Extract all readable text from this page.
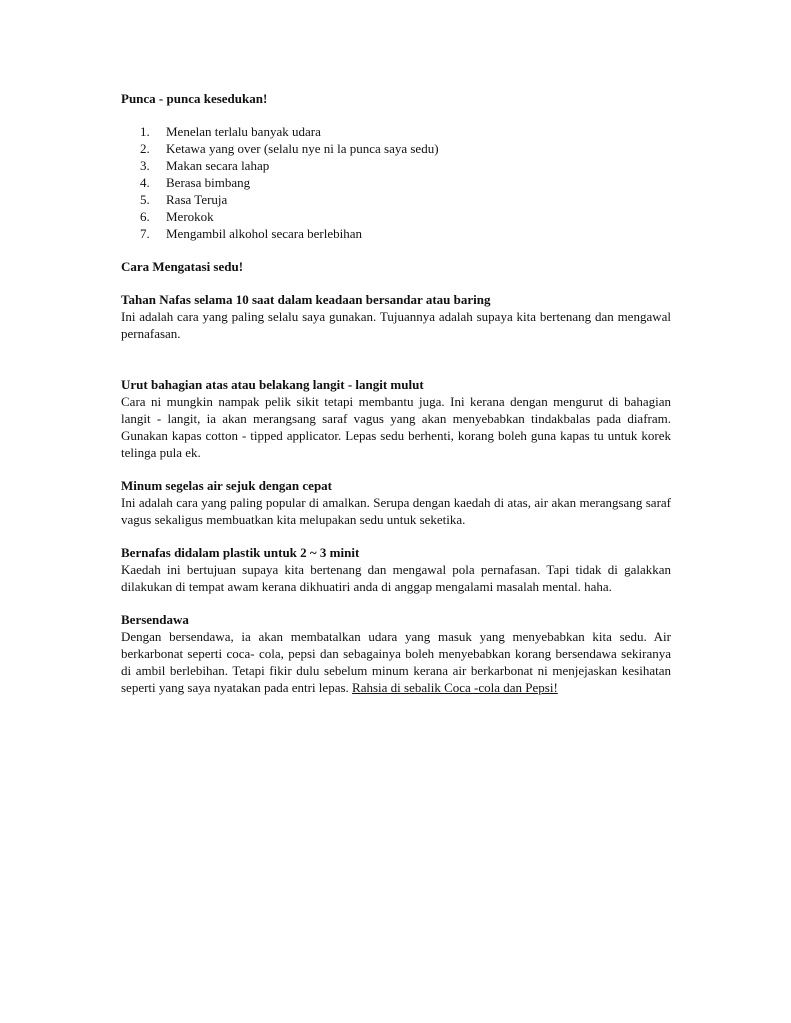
Punca - punca kesedukan!

1.	Menelan terlalu banyak udara
2.	Ketawa yang over (selalu nye ni la punca saya sedu)
3.	Makan secara lahap
4.	Berasa bimbang
5.	Rasa Teruja
6.	Merokok
7.	Mengambil alkohol secara berlebihan

Cara Mengatasi sedu!

Tahan Nafas selama 10 saat dalam keadaan bersandar atau baring

Ini adalah cara yang paling selalu saya gunakan. Tujuannya adalah supaya kita bertenang dan mengawal pernafasan.

Urut bahagian atas atau belakang langit - langit mulut

Cara ni mungkin nampak pelik sikit tetapi membantu juga. Ini kerana dengan mengurut di bahagian langit - langit, ia akan merangsang saraf vagus yang akan menyebabkan tindakbalas pada diafram. Gunakan kapas cotton - tipped applicator. Lepas sedu berhenti, korang boleh guna kapas tu untuk korek telinga pula ek.

Minum segelas air sejuk dengan cepat

Ini adalah cara yang paling popular di amalkan. Serupa dengan kaedah di atas, air akan merangsang saraf vagus sekaligus membuatkan kita melupakan sedu untuk seketika.

Bernafas didalam plastik untuk 2 ~ 3 minit

Kaedah ini bertujuan supaya kita bertenang dan mengawal pola pernafasan. Tapi tidak di galakkan dilakukan di tempat awam kerana dikhuatiri anda di anggap mengalami masalah mental. haha.

Bersendawa

Dengan bersendawa, ia akan membatalkan udara yang masuk yang menyebabkan kita sedu. Air berkarbonat seperti coca- cola, pepsi dan sebagainya boleh menyebabkan korang bersendawa sekiranya di ambil berlebihan. Tetapi fikir dulu sebelum minum kerana air berkarbonat ni menjejaskan kesihatan seperti yang saya nyatakan pada entri lepas. Rahsia di sebalik Coca -cola dan Pepsi!
